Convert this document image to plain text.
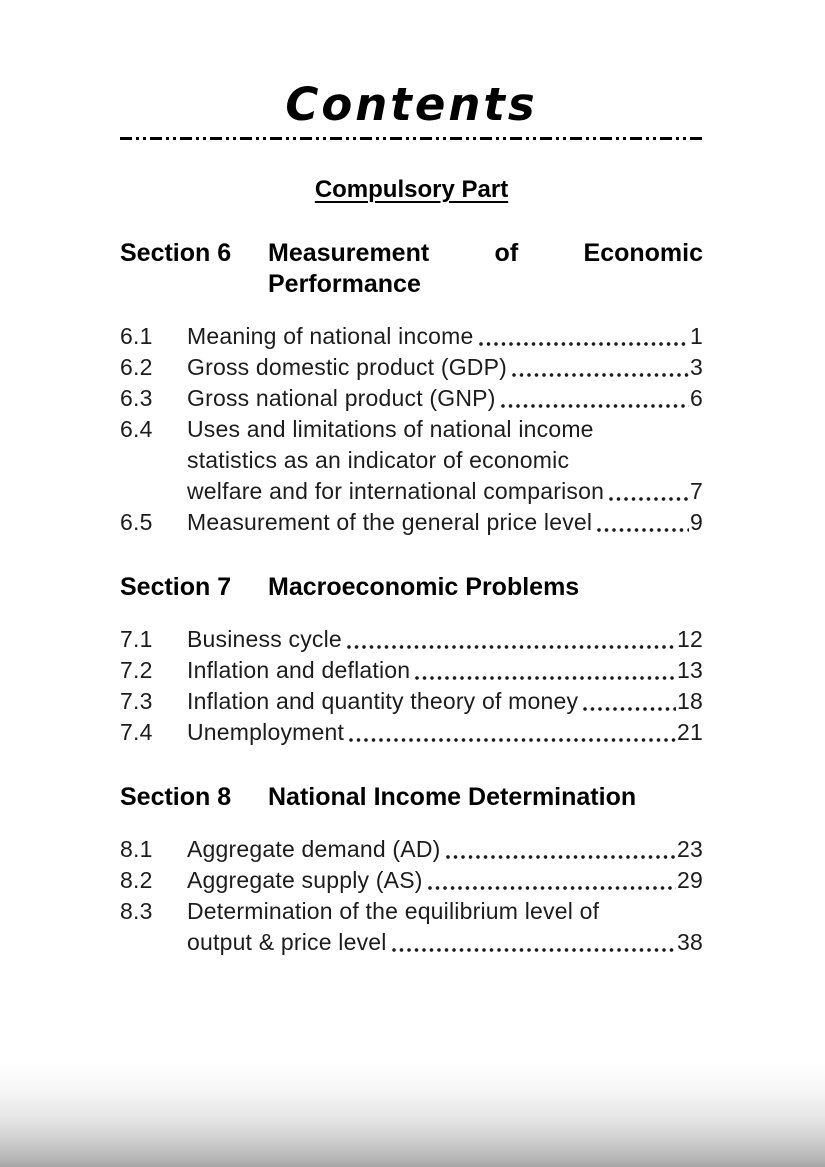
Contents
Compulsory Part
Section 6	Measurement of Economic Performance
6.1	Meaning of national income	1
6.2	Gross domestic product (GDP)	3
6.3	Gross national product (GNP)	6
6.4	Uses and limitations of national income
statistics as an indicator of economic
welfare and for international comparison	7
6.5	Measurement of the general price level	9
Section 7	Macroeconomic Problems
7.1	Business cycle	12
7.2	Inflation and deflation	13
7.3	Inflation and quantity theory of money	18
7.4	Unemployment	21
Section 8	National Income Determination
8.1	Aggregate demand (AD)	23
8.2	Aggregate supply (AS)	29
8.3	Determination of the equilibrium level of
output & price level	38
